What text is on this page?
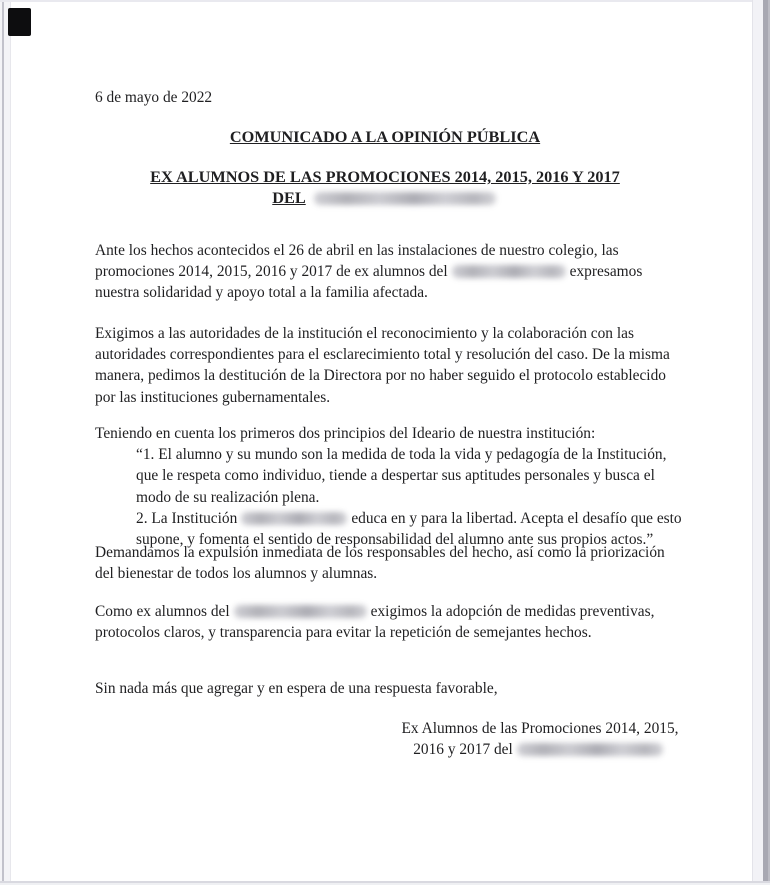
6 de mayo de 2022
COMUNICADO A LA OPINIÓN PÚBLICA
EX ALUMNOS DE LAS PROMOCIONES 2014, 2015, 2016 Y 2017
DEL
Ante los hechos acontecidos el 26 de abril en las instalaciones de nuestro colegio, las promociones 2014, 2015, 2016 y 2017 de ex alumnos del	expresamos nuestra solidaridad y apoyo total a la familia afectada.
Exigimos a las autoridades de la institución el reconocimiento y la colaboración con las autoridades correspondientes para el esclarecimiento total y resolución del caso. De la misma manera, pedimos la destitución de la Directora por no haber seguido el protocolo establecido por las instituciones gubernamentales.
Teniendo en cuenta los primeros dos principios del Ideario de nuestra institución:

“1. El alumno y su mundo son la medida de toda la vida y pedagogía de la Institución, que le respeta como individuo, tiende a despertar sus aptitudes personales y busca el modo de su realización plena.

2. La Institución	educa en y para la libertad. Acepta el desafío que esto supone, y fomenta el sentido de responsabilidad del alumno ante sus propios actos.”

Demandamos la expulsión inmediata de los responsables del hecho, así como la priorización del bienestar de todos los alumnos y alumnas.
Como ex alumnos del	exigimos la adopción de medidas preventivas, protocolos claros, y transparencia para evitar la repetición de semejantes hechos.
Sin nada más que agregar y en espera de una respuesta favorable,
Ex Alumnos de las Promociones 2014, 2015,
2016 y 2017 del
